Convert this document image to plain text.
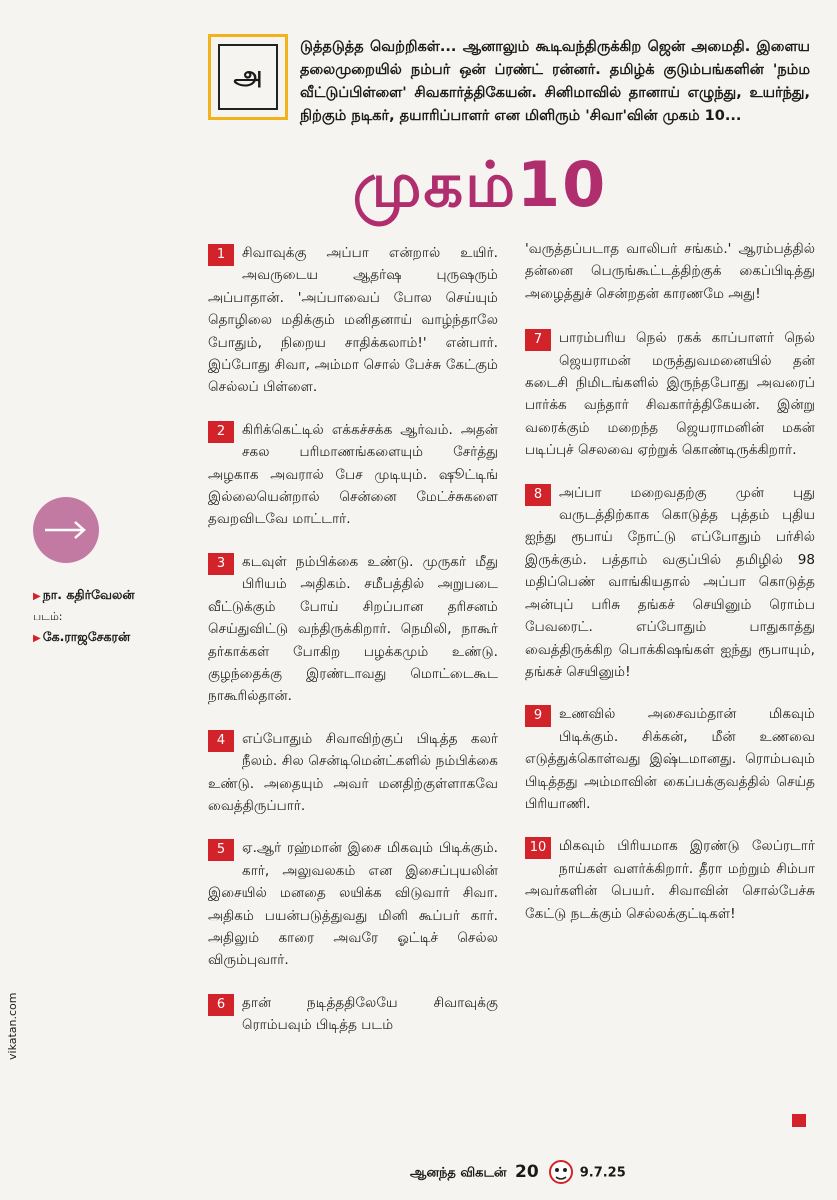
அ
டுத்தடுத்த வெற்றிகள்... ஆனாலும் கூடிவந்திருக்கிற ஜென் அமைதி. இளைய தலைமுறையில் நம்பர் ஒன் ப்ரண்ட் ரன்னர். தமிழ்க் குடும்பங்களின் 'நம்ம வீட்டுப்பிள்ளை' சிவகார்த்திகேயன். சினிமாவில் தானாய் எழுந்து, உயர்ந்து, நிற்கும் நடிகர், தயாரிப்பாளர் என மிளிரும் 'சிவா'வின் முகம் 10...
முகம்10
1	சிவாவுக்கு அப்பா என்றால் உயிர். அவருடைய ஆதர்ஷ புருஷரும் அப்பாதான். 'அப்பாவைப் போல செய்யும் தொழிலை மதிக்கும் மனிதனாய் வாழ்ந்தாலே போதும், நிறைய சாதிக்கலாம்!' என்பார். இப்போது சிவா, அம்மா சொல் பேச்சு கேட்கும் செல்லப் பிள்ளை.
2	கிரிக்கெட்டில் எக்கச்சக்க ஆர்வம். அதன் சகல பரிமாணங்களையும் சேர்த்து அழகாக அவரால் பேச முடியும். ஷூட்டிங் இல்லையென்றால் சென்னை மேட்ச்சுகளை தவறவிடவே மாட்டார்.
3	கடவுள் நம்பிக்கை உண்டு. முருகர் மீது பிரியம் அதிகம். சமீபத்தில் அறுபடை வீட்டுக்கும் போய் சிறப்பான தரிசனம் செய்துவிட்டு வந்திருக்கிறார். நெமிலி, நாகூர் தர்காக்கள் போகிற பழக்கமும் உண்டு. குழந்தைக்கு இரண்டாவது மொட்டைகூட நாகூரில்தான்.
4	எப்போதும் சிவாவிற்குப் பிடித்த கலர் நீலம். சில சென்டிமென்ட்களில் நம்பிக்கை உண்டு. அதையும் அவர் மனதிற்குள்ளாகவே வைத்திருப்பார்.
5	ஏ.ஆர் ரஹ்மான் இசை மிகவும் பிடிக்கும். கார், அலுவலகம் என இசைப்புயலின் இசையில் மனதை லயிக்க விடுவார் சிவா. அதிகம் பயன்படுத்துவது மினி கூப்பர் கார். அதிலும் காரை அவரே ஓட்டிச் செல்ல விரும்புவார்.
6	தான் நடித்ததிலேயே சிவாவுக்கு ரொம்பவும் பிடித்த படம்
'வருத்தப்படாத வாலிபர் சங்கம்.' ஆரம்பத்தில் தன்னை பெருங்கூட்டத்திற்குக் கைப்பிடித்து அழைத்துச் சென்றதன் காரணமே அது!
7	பாரம்பரிய நெல் ரகக் காப்பாளர் நெல் ஜெயராமன் மருத்துவமனையில் தன் கடைசி நிமிடங்களில் இருந்தபோது அவரைப் பார்க்க வந்தார் சிவகார்த்திகேயன். இன்று வரைக்கும் மறைந்த ஜெயராமனின் மகன் படிப்புச் செலவை ஏற்றுக் கொண்டிருக்கிறார்.
8	அப்பா மறைவதற்கு முன் புது வருடத்திற்காக கொடுத்த புத்தம் புதிய ஐந்து ரூபாய் நோட்டு எப்போதும் பர்சில் இருக்கும். பத்தாம் வகுப்பில் தமிழில் 98 மதிப்பெண் வாங்கியதால் அப்பா கொடுத்த அன்புப் பரிசு தங்கச் செயினும் ரொம்ப பேவரைட். எப்போதும் பாதுகாத்து வைத்திருக்கிற பொக்கிஷங்கள் ஐந்து ரூபாயும், தங்கச் செயினும்!
9	உணவில் அசைவம்தான் மிகவும் பிடிக்கும். சிக்கன், மீன் உணவை எடுத்துக்கொள்வது இஷ்டமானது. ரொம்பவும் பிடித்தது அம்மாவின் கைப்பக்குவத்தில் செய்த பிரியாணி.
10 மிகவும் பிரியமாக இரண்டு லேப்ரடார் நாய்கள் வளர்க்கிறார். தீரா மற்றும் சிம்பா அவர்களின் பெயர். சிவாவின் சொல்பேச்சு கேட்டு நடக்கும் செல்லக்குட்டிகள்!
▶ நா. கதிர்வேலன்
படம்:
▶ கே.ராஜசேகரன்
vikatan.com
ஆனந்த விகடன் 20	9.7.25
